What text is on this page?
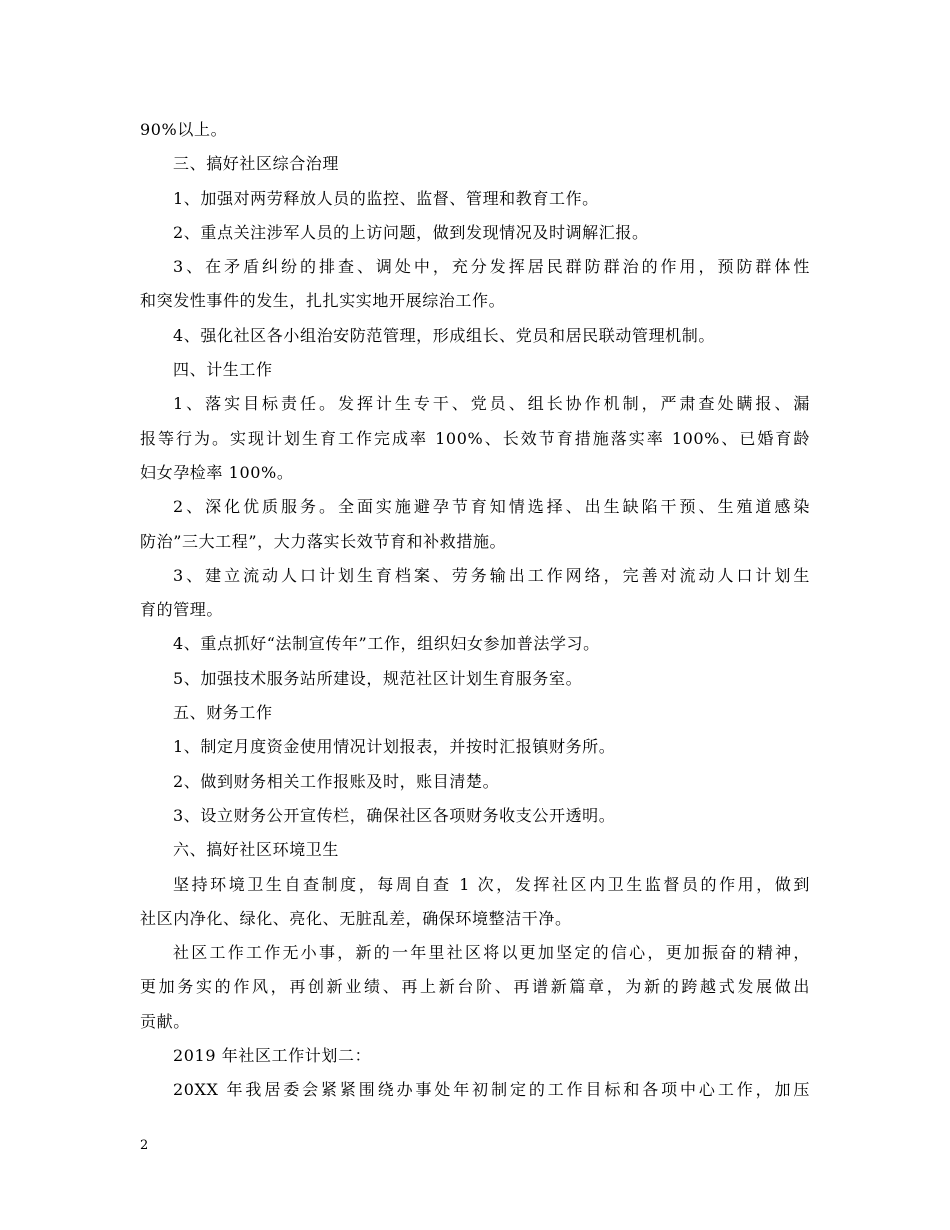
90%以上。
三、搞好社区综合治理
1、加强对两劳释放人员的监控、监督、管理和教育工作。
2、重点关注涉军人员的上访问题，做到发现情况及时调解汇报。
3、在矛盾纠纷的排查、调处中，充分发挥居民群防群治的作用，预防群体性
和突发性事件的发生，扎扎实实地开展综治工作。
4、强化社区各小组治安防范管理，形成组长、党员和居民联动管理机制。
四、计生工作
1、落实目标责任。发挥计生专干、党员、组长协作机制，严肃查处瞒报、漏
报等行为。实现计划生育工作完成率 100%、长效节育措施落实率 100%、已婚育龄
妇女孕检率 100%。
2、深化优质服务。全面实施避孕节育知情选择、出生缺陷干预、生殖道感染
防治”三大工程”，大力落实长效节育和补救措施。
3、建立流动人口计划生育档案、劳务输出工作网络，完善对流动人口计划生
育的管理。
4、重点抓好“法制宣传年”工作，组织妇女参加普法学习。
5、加强技术服务站所建设，规范社区计划生育服务室。
五、财务工作
1、制定月度资金使用情况计划报表，并按时汇报镇财务所。
2、做到财务相关工作报账及时，账目清楚。
3、设立财务公开宣传栏，确保社区各项财务收支公开透明。
六、搞好社区环境卫生
坚持环境卫生自查制度，每周自查 1 次，发挥社区内卫生监督员的作用，做到
社区内净化、绿化、亮化、无脏乱差，确保环境整洁干净。
社区工作工作无小事，新的一年里社区将以更加坚定的信心，更加振奋的精神，
更加务实的作风，再创新业绩、再上新台阶、再谱新篇章，为新的跨越式发展做出
贡献。
2019 年社区工作计划二：
20XX 年我居委会紧紧围绕办事处年初制定的工作目标和各项中心工作，加压
2
